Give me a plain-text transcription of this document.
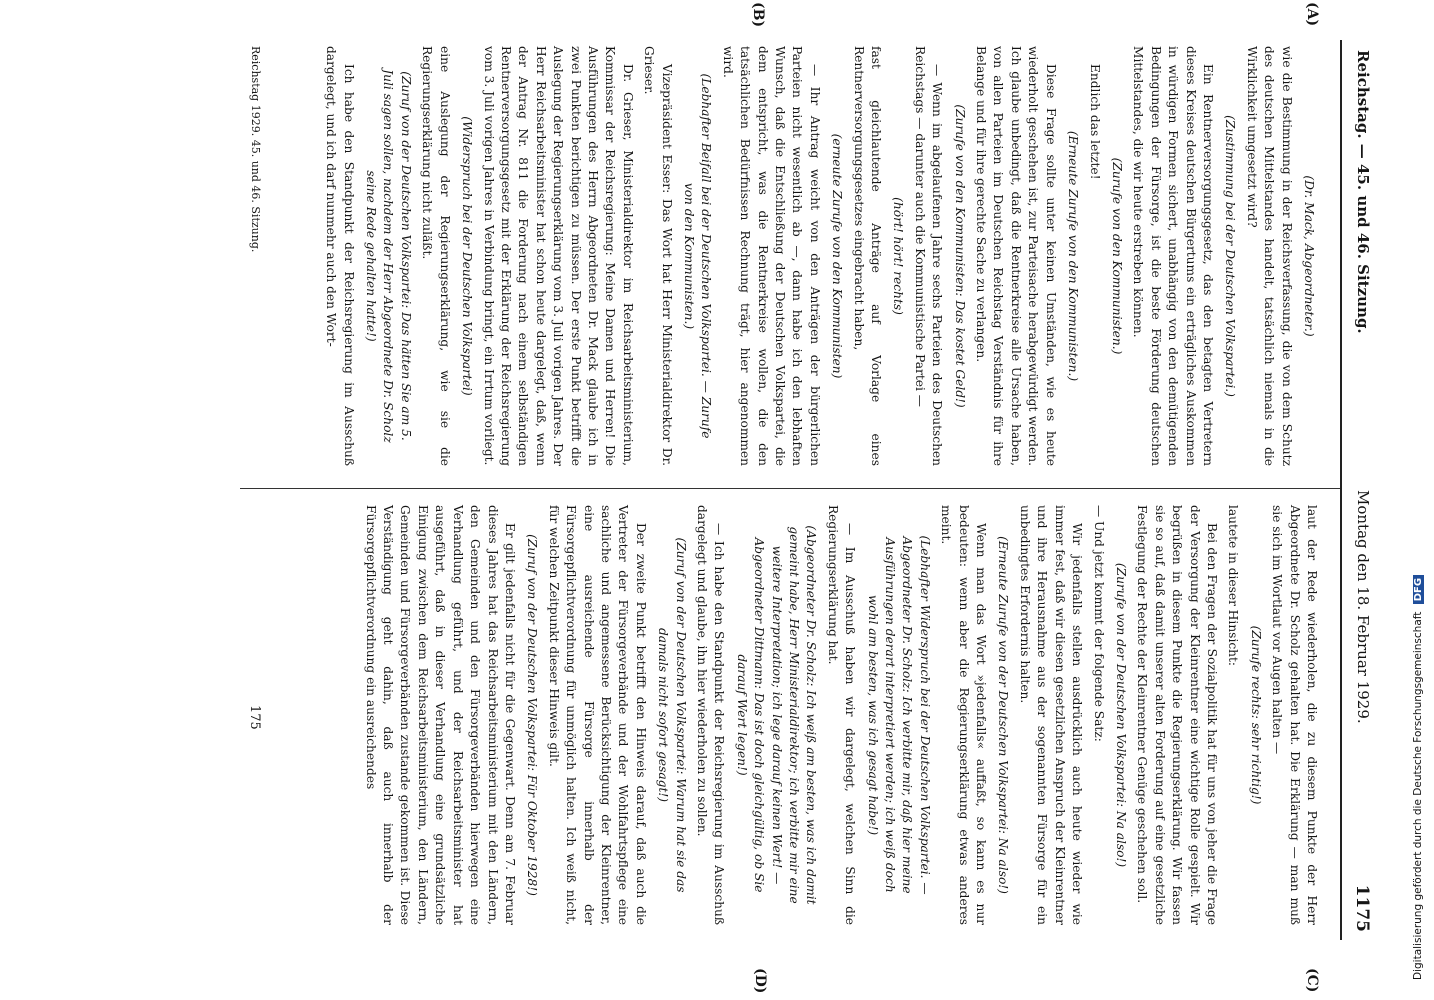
Reichstag. — 45. und 46. Sitzung.
Montag den 18. Februar 1929.
1175
(A)
(B)
(C)
(D)

(Dr. Mack, Abgeordneter.)

wie die Bestimmung in der Reichsverfassung, die von dem Schutz des deutschen Mittelstandes handelt, tatsächlich niemals in die Wirklichkeit umgesetzt wird?

(Zustimmung bei der Deutschen Volkspartei.)

Ein Rentnerversorgungsgesetz, das den betagten Vertretern dieses Kreises deutschen Bürgertums ein erträgliches Auskommen in würdigen Formen sichert, unabhängig von den demütigenden Bedingungen der Fürsorge, ist die beste Förderung deutschen Mittelstandes, die wir heute erstreben können.

(Zurufe von den Kommunisten.)

Endlich das letzte!

(Erneute Zurufe von den Kommunisten.)

Diese Frage sollte unter keinen Umständen, wie es heute wiederholt geschehen ist, zur Parteisache herabgewürdigt werden. Ich glaube unbedingt, daß die Rentnerkreise alle Ursache haben, von allen Parteien im Deutschen Reichstag Verständnis für ihre Belange und für ihre gerechte Sache zu verlangen.

(Zurufe von den Kommunisten: Das kostet Geld!)

— Wenn im abgelaufenen Jahre sechs Parteien des Deutschen Reichstags — darunter auch die Kommunistische Partei —

(hört! hört! rechts)

fast gleichlautende Anträge auf Vorlage eines Rentnerversorgungsgesetzes eingebracht haben,

(erneute Zurufe von den Kommunisten)

— Ihr Antrag weicht von den Anträgen der bürgerlichen Parteien nicht wesentlich ab —, dann habe ich den lebhaften Wunsch, daß die Entschließung der Deutschen Volkspartei, die dem entspricht, was die Rentnerkreise wollen, die den tatsächlichen Bedürfnissen Rechnung trägt, hier angenommen wird.

(Lebhafter Beifall bei der Deutschen Volkspartei. — Zurufe von den Kommunisten.)

Vizepräsident Esser: Das Wort hat Herr Ministerialdirektor Dr. Grieser.

Dr. Grieser, Ministerialdirektor im Reichsarbeitsministerium, Kommissar der Reichsregierung: Meine Damen und Herren! Die Ausführungen des Herrn Abgeordneten Dr. Mack glaube ich in zwei Punkten berichtigen zu müssen. Der erste Punkt betrifft die Auslegung der Regierungserklärung vom 3. Juli vorigen Jahres. Der Herr Reichsarbeitsminister hat schon heute dargelegt, daß, wenn der Antrag Nr. 811 die Forderung nach einem selbständigen Rentnerversorgungsgesetz mit der Erklärung der Reichsregierung vom 3. Juli vorigen Jahres in Verbindung bringt, ein Irrtum vorliegt.

(Widerspruch bei der Deutschen Volkspartei)

eine Auslegung der Regierungserklärung, wie sie die Regierungserklärung nicht zuläßt.

(Zuruf von der Deutschen Volkspartei: Das hätten Sie am 5. Juli sagen sollen, nachdem der Herr Abgeordnete Dr. Scholz seine Rede gehalten hatte!)

Ich habe den Standpunkt der Reichsregierung im Ausschuß dargelegt, und ich darf nunmehr auch den Wort-

laut der Rede wiederholen, die zu diesem Punkte der Herr Abgeordnete Dr. Scholz gehalten hat. Die Erklärung — man muß sie sich im Wortlaut vor Augen halten —

(Zurufe rechts: sehr richtig!)

lautete in dieser Hinsicht:

Bei den Fragen der Sozialpolitik hat für uns von jeher die Frage der Versorgung der Kleinrentner eine wichtige Rolle gespielt. Wir begrüßen in diesem Punkte die Regierungserklärung. Wir fassen sie so auf, daß damit unserer alten Forderung auf eine gesetzliche Festlegung der Rechte der Kleinrentner Genüge geschehen soll.

(Zurufe von der Deutschen Volkspartei: Na also!)

— Und jetzt kommt der folgende Satz:

Wir jedenfalls stellen ausdrücklich auch heute wieder wie immer fest, daß wir diesen gesetzlichen Anspruch der Kleinrentner und ihre Herausnahme aus der sogenannten Fürsorge für ein unbedingtes Erfordernis halten.

(Erneute Zurufe von der Deutschen Volkspartei: Na also!)

Wenn man das Wort »jedenfalls« auffaßt, so kann es nur bedeuten: wenn aber die Regierungserklärung etwas anderes meint.

(Lebhafter Widerspruch bei der Deutschen Volkspartei. — Abgeordneter Dr. Scholz: Ich verbitte mir, daß hier meine Ausführungen derart interpretiert werden; ich weiß doch wohl am besten, was ich gesagt habe!)

— Im Ausschuß haben wir dargelegt, welchen Sinn die Regierungserklärung hat.

(Abgeordneter Dr. Scholz: Ich weiß am besten, was ich damit gemeint habe, Herr Ministerialdirektor; ich verbitte mir eine weitere Interpretation; ich lege darauf keinen Wert! — Abgeordneter Dittmann: Das ist doch gleichgültig, ob Sie darauf Wert legen!)

— Ich habe den Standpunkt der Reichsregierung im Ausschuß dargelegt und glaube, ihn hier wiederholen zu sollen.

(Zuruf von der Deutschen Volkspartei: Warum hat sie das damals nicht sofort gesagt!)

Der zweite Punkt betrifft den Hinweis darauf, daß auch die Vertreter der Fürsorgeverbände und der Wohlfahrtspflege eine sachliche und angemessene Berücksichtigung der Kleinrentner, eine ausreichende Fürsorge innerhalb der Fürsorgepflichtverordnung für unmöglich halten. Ich weiß nicht, für welchen Zeitpunkt dieser Hinweis gilt.

(Zuruf von der Deutschen Volkspartei: Für Oktober 1928!)

Er gilt jedenfalls nicht für die Gegenwart. Denn am 7. Februar dieses Jahres hat das Reichsarbeitsministerium mit den Ländern, den Gemeinden und den Fürsorgeverbänden hierwegen eine Verhandlung geführt, und der Reichsarbeitsminister hat ausgeführt, daß in dieser Verhandlung eine grundsätzliche Einigung zwischen dem Reichsarbeitsministerium, den Ländern, Gemeinden und Fürsorgeverbänden zustande gekommen ist. Diese Verständigung geht dahin, daß auch innerhalb der Fürsorgepflichtverordnung ein ausreichendes

Reichstag 1929. 45. und 46. Sitzung.
175	Digitalisierung gefördert durch die Deutsche Forschungsgemeinschaft DFG
